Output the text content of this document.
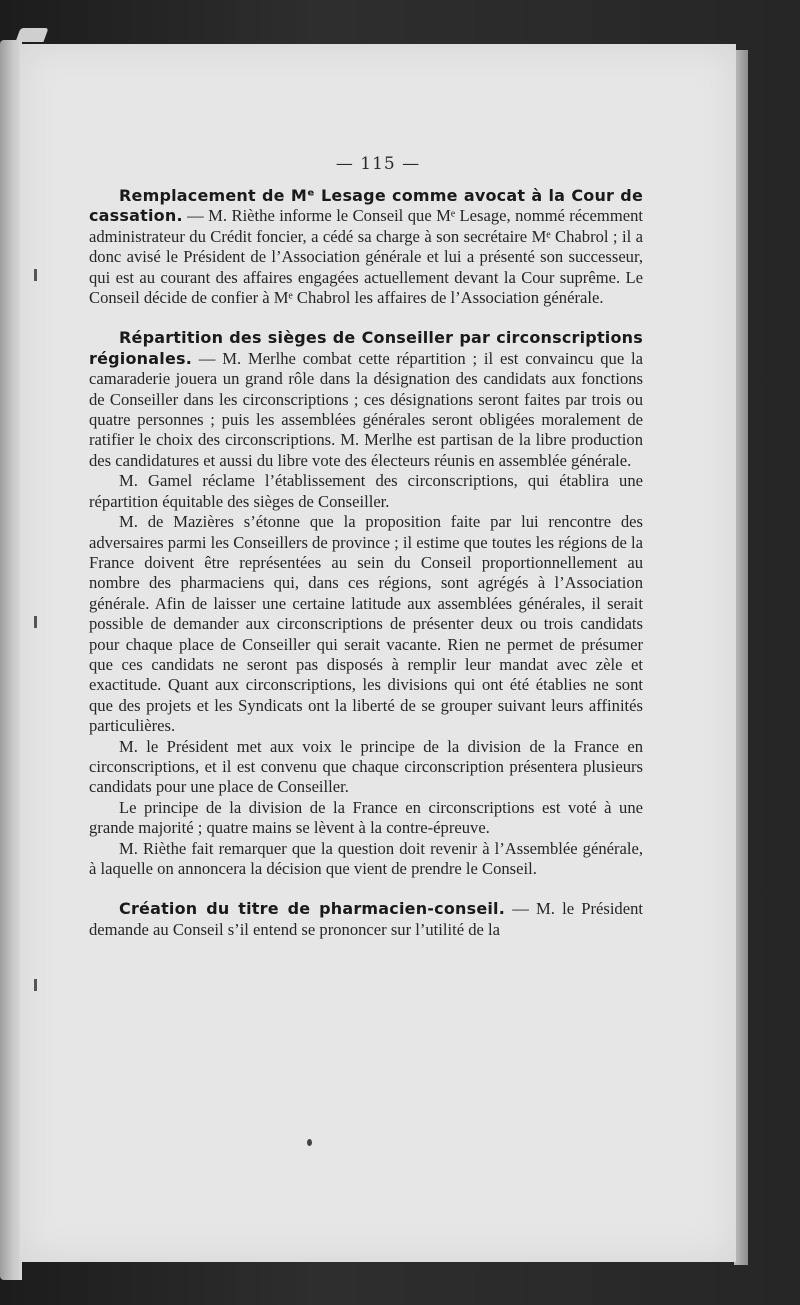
— 115 —

Remplacement de Mᵉ Lesage comme avocat à la Cour de cassation. — M. Rièthe informe le Conseil que Mᵉ Lesage, nommé récemment administrateur du Crédit foncier, a cédé sa charge à son secrétaire Mᵉ Chabrol ; il a donc avisé le Président de l’Association générale et lui a présenté son successeur, qui est au courant des affaires engagées actuellement devant la Cour suprême. Le Conseil décide de confier à Mᵉ Chabrol les affaires de l’Association générale.

Répartition des sièges de Conseiller par circonscriptions régionales. — M. Merlhe combat cette répartition ; il est convaincu que la camaraderie jouera un grand rôle dans la désignation des candidats aux fonctions de Conseiller dans les circonscriptions ; ces désignations seront faites par trois ou quatre personnes ; puis les assemblées générales seront obligées moralement de ratifier le choix des circonscriptions. M. Merlhe est partisan de la libre production des candidatures et aussi du libre vote des électeurs réunis en assemblée générale.

M. Gamel réclame l’établissement des circonscriptions, qui établira une répartition équitable des sièges de Conseiller.

M. de Mazières s’étonne que la proposition faite par lui rencontre des adversaires parmi les Conseillers de province ; il estime que toutes les régions de la France doivent être représentées au sein du Conseil proportionnellement au nombre des pharmaciens qui, dans ces régions, sont agrégés à l’Association générale. Afin de laisser une certaine latitude aux assemblées générales, il serait possible de demander aux circonscriptions de présenter deux ou trois candidats pour chaque place de Conseiller qui serait vacante. Rien ne permet de présumer que ces candidats ne seront pas disposés à remplir leur mandat avec zèle et exactitude. Quant aux circonscriptions, les divisions qui ont été établies ne sont que des projets et les Syndicats ont la liberté de se grouper suivant leurs affinités particulières.

M. le Président met aux voix le principe de la division de la France en circonscriptions, et il est convenu que chaque circonscription présentera plusieurs candidats pour une place de Conseiller.

Le principe de la division de la France en circonscriptions est voté à une grande majorité ; quatre mains se lèvent à la contre-épreuve.

M. Rièthe fait remarquer que la question doit revenir à l’Assemblée générale, à laquelle on annoncera la décision que vient de prendre le Conseil.

Création du titre de pharmacien-conseil. — M. le Président demande au Conseil s’il entend se prononcer sur l’utilité de la
